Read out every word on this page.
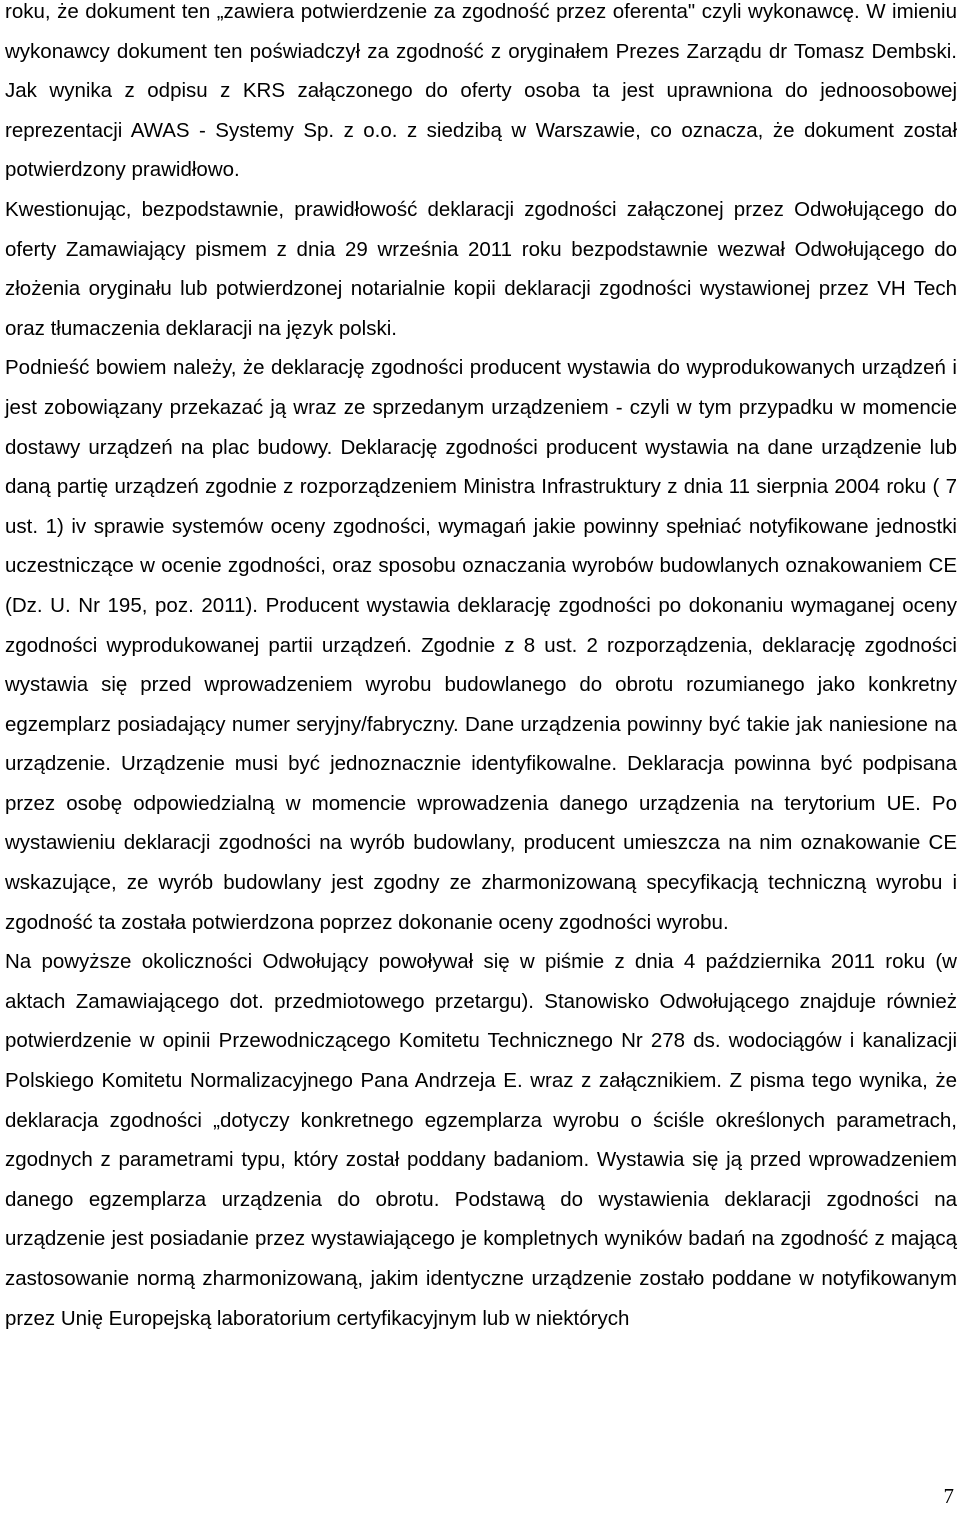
roku, że dokument ten „zawiera potwierdzenie za zgodność przez oferenta" czyli wykonawcę. W imieniu wykonawcy dokument ten poświadczył za zgodność z oryginałem Prezes Zarządu dr Tomasz Dembski. Jak wynika z odpisu z KRS załączonego do oferty osoba ta jest uprawniona do jednoosobowej reprezentacji AWAS - Systemy Sp. z o.o. z siedzibą w Warszawie, co oznacza, że dokument został potwierdzony prawidłowo.

Kwestionując, bezpodstawnie, prawidłowość deklaracji zgodności załączonej przez Odwołującego do oferty Zamawiający pismem z dnia 29 września 2011 roku bezpodstawnie wezwał Odwołującego do złożenia oryginału lub potwierdzonej notarialnie kopii deklaracji zgodności wystawionej przez VH Tech oraz tłumaczenia deklaracji na język polski.

Podnieść bowiem należy, że deklarację zgodności producent wystawia do wyprodukowanych urządzeń i jest zobowiązany przekazać ją wraz ze sprzedanym urządzeniem - czyli w tym przypadku w momencie dostawy urządzeń na plac budowy. Deklarację zgodności producent wystawia na dane urządzenie lub daną partię urządzeń zgodnie z rozporządzeniem Ministra Infrastruktury z dnia 11 sierpnia 2004 roku ( 7 ust. 1) iv sprawie systemów oceny zgodności, wymagań jakie powinny spełniać notyfikowane jednostki uczestniczące w ocenie zgodności, oraz sposobu oznaczania wyrobów budowlanych oznakowaniem CE (Dz. U. Nr 195, poz. 2011). Producent wystawia deklarację zgodności po dokonaniu wymaganej oceny zgodności wyprodukowanej partii urządzeń. Zgodnie z 8 ust. 2 rozporządzenia, deklarację zgodności wystawia się przed wprowadzeniem wyrobu budowlanego do obrotu rozumianego jako konkretny egzemplarz posiadający numer seryjny/fabryczny. Dane urządzenia powinny być takie jak naniesione na urządzenie. Urządzenie musi być jednoznacznie identyfikowalne. Deklaracja powinna być podpisana przez osobę odpowiedzialną w momencie wprowadzenia danego urządzenia na terytorium UE. Po wystawieniu deklaracji zgodności na wyrób budowlany, producent umieszcza na nim oznakowanie CE wskazujące, ze wyrób budowlany jest zgodny ze zharmonizowaną specyfikacją techniczną wyrobu i zgodność ta została potwierdzona poprzez dokonanie oceny zgodności wyrobu.

Na powyższe okoliczności Odwołujący powoływał się w piśmie z dnia 4 października 2011 roku (w aktach Zamawiającego dot. przedmiotowego przetargu). Stanowisko Odwołującego znajduje również potwierdzenie w opinii Przewodniczącego Komitetu Technicznego Nr 278 ds. wodociągów i kanalizacji Polskiego Komitetu Normalizacyjnego Pana Andrzeja E. wraz z załącznikiem. Z pisma tego wynika, że deklaracja zgodności „dotyczy konkretnego egzemplarza wyrobu o ściśle określonych parametrach, zgodnych z parametrami typu, który został poddany badaniom. Wystawia się ją przed wprowadzeniem danego egzemplarza urządzenia do obrotu. Podstawą do wystawienia deklaracji zgodności na urządzenie jest posiadanie przez wystawiającego je kompletnych wyników badań na zgodność z mającą zastosowanie normą zharmonizowaną, jakim identyczne urządzenie zostało poddane w notyfikowanym przez Unię Europejską laboratorium certyfikacyjnym lub w niektórych

7
